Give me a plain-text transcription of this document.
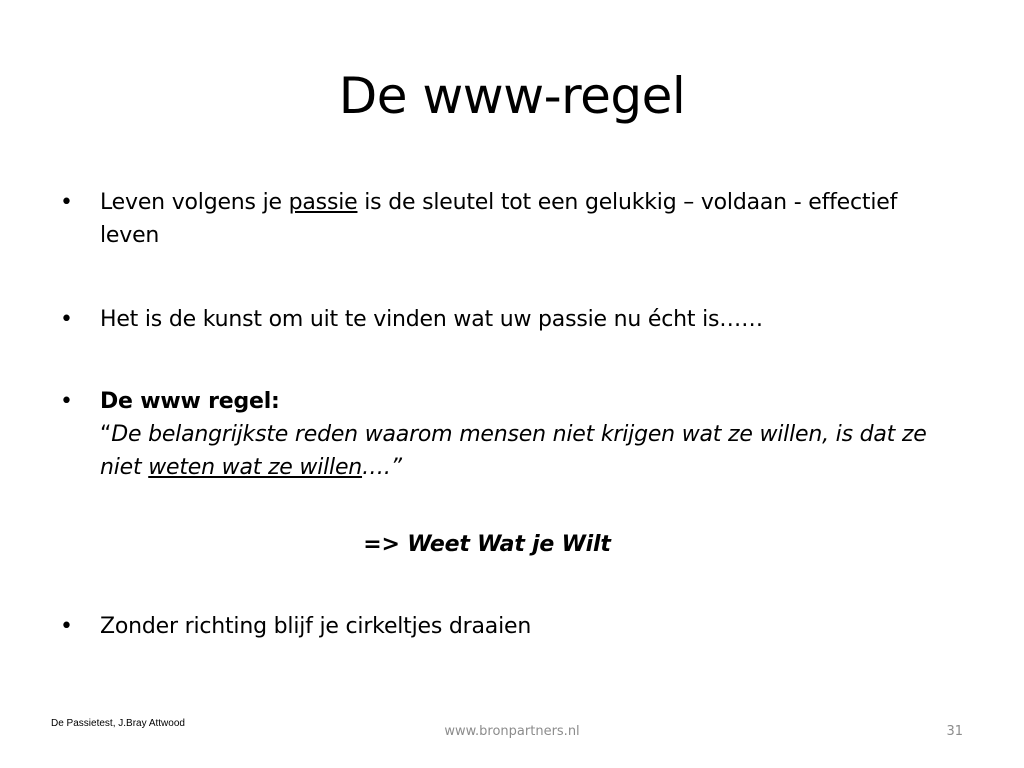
De www-regel
•	Leven volgens je passie is de sleutel tot een gelukkig – voldaan - effectief leven
•	Het is de kunst om uit te vinden wat uw passie nu écht is……
•	De www regel:
“De belangrijkste reden waarom mensen niet krijgen wat ze willen, is dat ze niet weten wat ze willen….”
=> Weet Wat je Wilt
•	Zonder richting blijf je cirkeltjes draaien
De Passietest, J.Bray Attwood
www.bronpartners.nl	31
